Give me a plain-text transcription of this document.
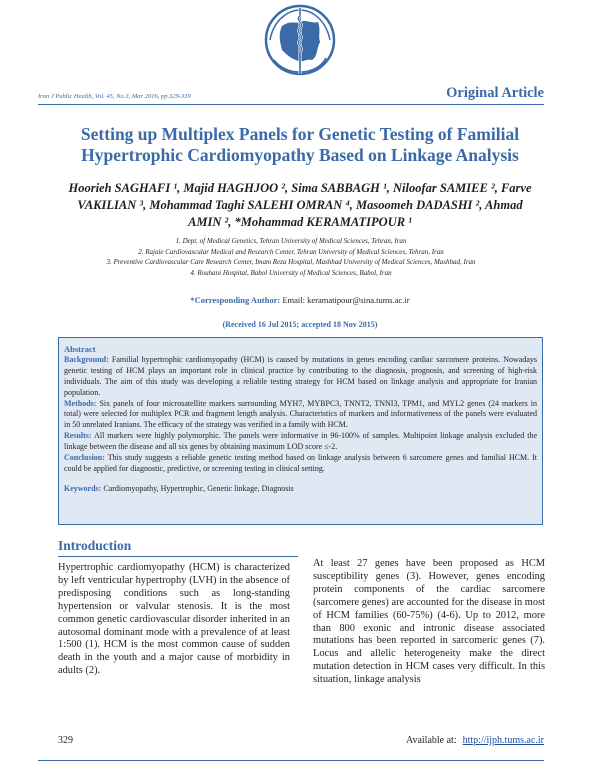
Iran J Public Health, Vol. 45, No.3, Mar 2016, pp.329-339	Original Article
Setting up Multiplex Panels for Genetic Testing of Familial Hypertrophic Cardiomyopathy Based on Linkage Analysis
Hoorieh SAGHAFI ¹, Majid HAGHJOO ², Sima SABBAGH ¹, Niloofar SAMIEE ², Farve VAKILIAN ³, Mohammad Taghi SALEHI OMRAN ⁴, Masoomeh DADASHI ², Ahmad AMIN ², *Mohammad KERAMATIPOUR ¹
1. Dept. of Medical Genetics, Tehran University of Medical Sciences, Tehran, Iran
2. Rajaie Cardiovascular Medical and Research Center, Tehran University of Medical Sciences, Tehran, Iran
3. Preventive Cardiovascular Care Research Center, Imam Reza Hospital, Mashhad University of Medical Sciences, Mashhad, Iran
4. Rouhani Hospital, Babol University of Medical Sciences, Babol, Iran
*Corresponding Author: Email: keramatipour@sina.tums.ac.ir
(Received 16 Jul 2015; accepted 18 Nov 2015)
Abstract

Background: Familial hypertrophic cardiomyopathy (HCM) is caused by mutations in genes encoding cardiac sarcomere proteins. Nowadays genetic testing of HCM plays an important role in clinical practice by contributing to the diagnosis, prognosis, and screening of high-risk individuals. The aim of this study was developing a reliable testing strategy for HCM based on linkage analysis and appropriate for Iranian population.

Methods: Six panels of four microsatellite markers surrounding MYH7, MYBPC3, TNNT2, TNNI3, TPM1, and MYL2 genes (24 markers in total) were selected for multiplex PCR and fragment length analysis. Characteristics of markers and informativeness of the panels were evaluated in 50 unrelated Iranians. The efficacy of the strategy was verified in a family with HCM.

Results: All markers were highly polymorphic. The panels were informative in 96-100% of samples. Multipoint linkage analysis excluded the linkage between the disease and all six genes by obtaining maximum LOD score ≤-2.

Conclusion: This study suggests a reliable genetic testing method based on linkage analysis between 6 sarcomere genes and familial HCM. It could be applied for diagnostic, predictive, or screening testing in clinical setting.

Keywords: Cardiomyopathy, Hypertrophic, Genetic linkage, Diagnosis

Introduction
Hypertrophic cardiomyopathy (HCM) is characterized by left ventricular hypertrophy (LVH) in the absence of predisposing conditions such as long-standing hypertension or valvular stenosis. It is the most common genetic cardiovascular disorder inherited in an autosomal dominant mode with a prevalence of at least 1:500 (1). HCM is the most common cause of sudden death in the youth and a major cause of morbidity in adults (2).
At least 27 genes have been proposed as HCM susceptibility genes (3). However, genes encoding protein components of the cardiac sarcomere (sarcomere genes) are accounted for the disease in most of HCM families (60-75%) (4-6). Up to 2012, more than 800 exonic and intronic disease associated mutations has been reported in sarcomeric genes (7). Locus and allelic heterogeneity make the direct mutation detection in HCM cases very difficult. In this situation, linkage analysis
329	Available at: http://ijph.tums.ac.ir
